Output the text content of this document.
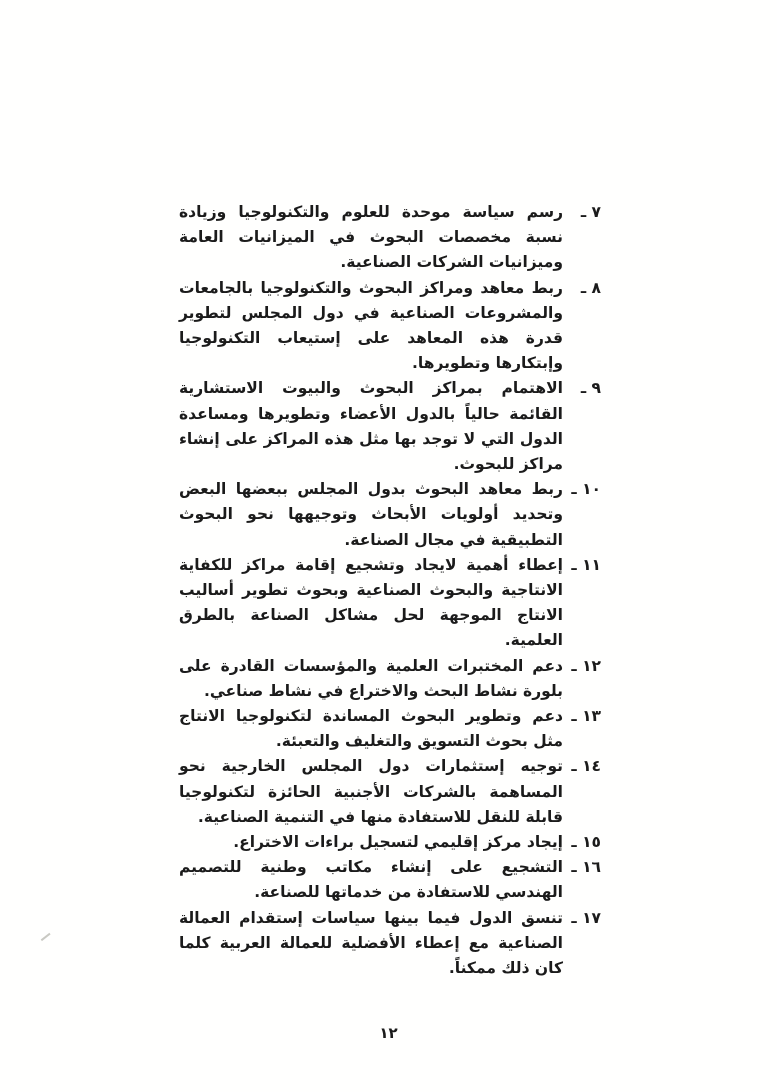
٧ ـ
رسم سياسة موحدة للعلوم والتكنولوجيا وزيادة نسبة مخصصات البحوث في الميزانيات العامة وميزانيات الشركات الصناعية.
٨ ـ
ربط معاهد ومراكز البحوث والتكنولوجيا بالجامعات والمشروعات الصناعية في دول المجلس لتطوير قدرة هذه المعاهد على إستيعاب التكنولوجيا وإبتكارها وتطويرها.
٩ ـ
الاهتمام بمراكز البحوث والبيوت الاستشارية القائمة حالياً بالدول الأعضاء وتطويرها ومساعدة الدول التي لا توجد بها مثل هذه المراكز على إنشاء مراكز للبحوث.
١٠ ـ
ربط معاهد البحوث بدول المجلس ببعضها البعض وتحديد أولويات الأبحاث وتوجيهها نحو البحوث التطبيقية في مجال الصناعة.
١١ ـ
إعطاء أهمية لايجاد وتشجيع إقامة مراكز للكفاية الانتاجية والبحوث الصناعية وبحوث تطوير أساليب الانتاج الموجهة لحل مشاكل الصناعة بالطرق العلمية.
١٢ ـ
دعم المختبرات العلمية والمؤسسات القادرة على بلورة نشاط البحث والاختراع في نشاط صناعي.
١٣ ـ
دعم وتطوير البحوث المساندة لتكنولوجيا الانتاج مثل بحوث التسويق والتغليف والتعبئة.
١٤ ـ
توجيه إستثمارات دول المجلس الخارجية نحو المساهمة بالشركات الأجنبية الحائزة لتكنولوجيا قابلة للنقل للاستفادة منها في التنمية الصناعية.
١٥ ـ
إيجاد مركز إقليمي لتسجيل براءات الاختراع.
١٦ ـ
التشجيع على إنشاء مكاتب وطنية للتصميم الهندسي للاستفادة من خدماتها للصناعة.
١٧ ـ
تنسق الدول فيما بينها سياسات إستقدام العمالة الصناعية مع إعطاء الأفضلية للعمالة العربية كلما كان ذلك ممكناً.
١٢
